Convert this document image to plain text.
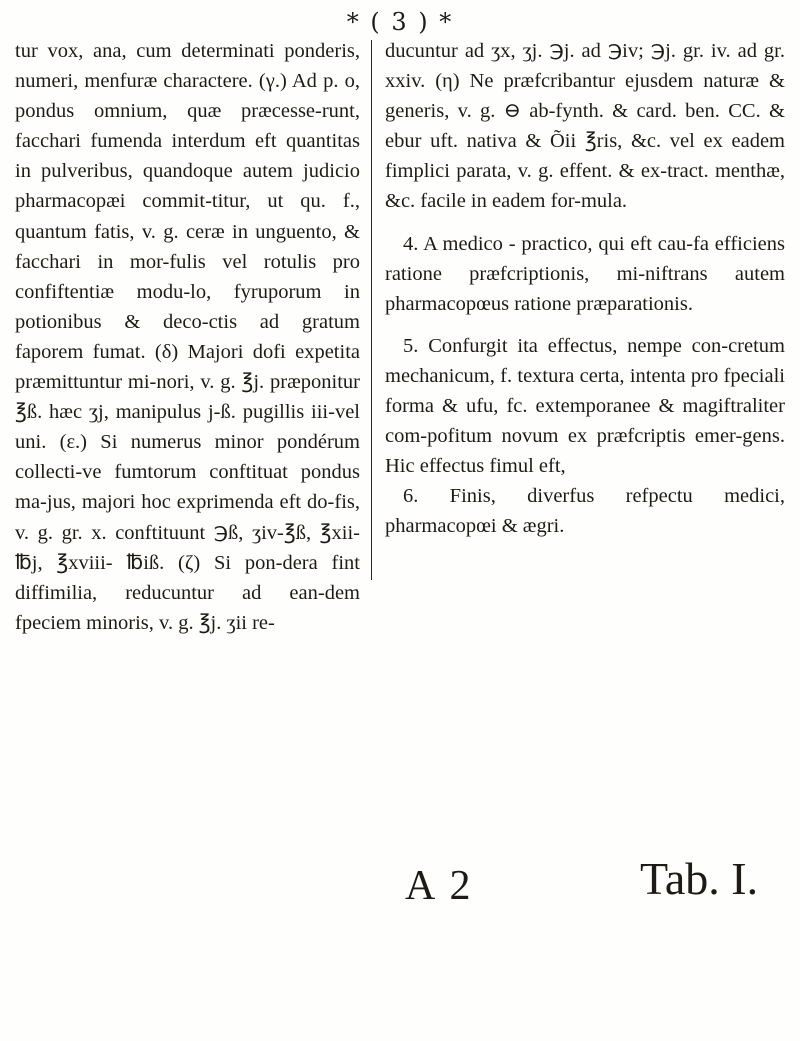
* ( 3 ) *

tur vox, ana, cum determinati ponderis, numeri, menfuræ charactere. (γ.) Ad p. o, pondus omnium, quæ præcesse-runt, facchari fumenda interdum eft quantitas in pulveribus, quandoque autem judicio pharmacopæi commit-titur, ut qu. f., quantum fatis, v. g. ceræ in unguento, & facchari in mor-fulis vel rotulis pro confiftentiæ modu-lo, fyruporum in potionibus & deco-ctis ad gratum faporem fumat. (δ) Majori dofi expetita præmittuntur mi-nori, v. g. ℥j. præponitur ℥ß. hæc ʒj, manipulus j-ß. pugillis iii-vel uni. (ε.) Si numerus minor pondérum collecti-ve fumtorum conftituat pondus ma-jus, majori hoc exprimenda eft do-fis, v. g. gr. x. conftituunt ℈ß, ʒiv-℥ß, ℥xii-℔j, ℥xviii- ℔iß. (ζ) Si pon-dera fint diffimilia, reducuntur ad ean-dem fpeciem minoris, v. g. ℥j. ʒii re-

ducuntur ad ʒx, ʒj. ℈j. ad ℈iv; ℈j. gr. iv. ad gr. xxiv. (η) Ne præfcribantur ejusdem naturæ & generis, v. g. ⊖ ab-fynth. & card. ben. CC. & ebur uft. nativa & Õii ℥ris, &c. vel ex eadem fimplici parata, v. g. effent. & ex-tract. menthæ, &c. facile in eadem for-mula.

4. A medico - practico, qui eft cau-fa efficiens ratione præfcriptionis, mi-niftrans autem pharmacopœus ratione præparationis.

5. Confurgit ita effectus, nempe con-cretum mechanicum, f. textura certa, intenta pro fpeciali forma & ufu, fc. extemporanee & magiftraliter com-pofitum novum ex præfcriptis emer-gens. Hic effectus fimul eft,

6. Finis, diverfus refpectu medici, pharmacopœi & ægri.

A 2	Tab. I.
